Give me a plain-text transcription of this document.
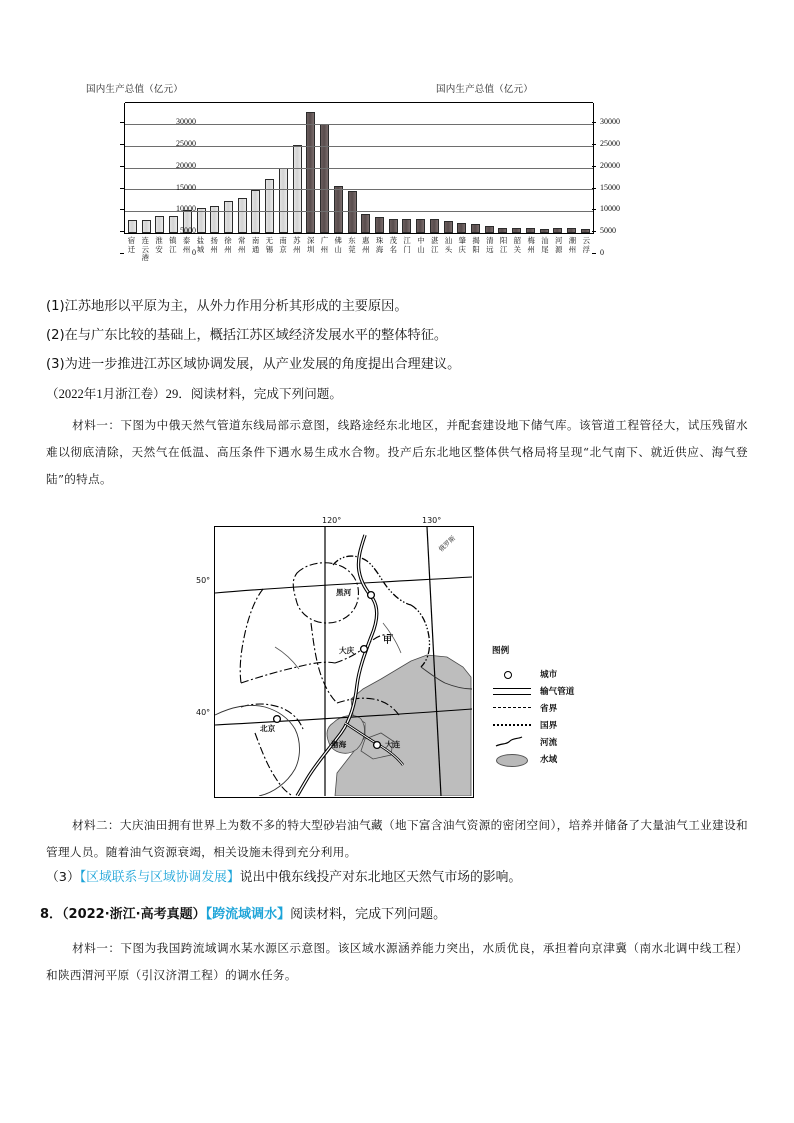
国内生产总值（亿元）	国内生产总值（亿元）
0
5000
10000
15000
20000
25000
30000
0
5000
10000
15000
20000
25000
30000
宿迁
连云港
淮安
镇江
泰州
盐城
扬州
徐州
常州
南通
无锡
南京
苏州
深圳
广州
佛山
东莞
惠州
珠海
茂名
江门
中山
湛江
汕头
肇庆
揭阳
清远
阳江
韶关
梅州
汕尾
河源
潮州
云浮
(1)江苏地形以平原为主，从外力作用分析其形成的主要原因。
(2)在与广东比较的基础上，概括江苏区域经济发展水平的整体特征。
(3)为进一步推进江苏区域协调发展，从产业发展的角度提出合理建议。
（2022年1月浙江卷）29．阅读材料，完成下列问题。
材料一：下图为中俄天然气管道东线局部示意图，线路途经东北地区，并配套建设地下储气库。该管道工程管径大，试压残留水难以彻底清除，天然气在低温、高压条件下遇水易生成水合物。投产后东北地区整体供气格局将呈现“北气南下、就近供应、海气登陆”的特点。
120°	130°
50°
40°
黑河
甲
大庆
北京
渤海	大连
俄罗斯
图例
城市
输气管道
省界
国界
河流
水域
材料二：大庆油田拥有世界上为数不多的特大型砂岩油气藏（地下富含油气资源的密闭空间），培养并储备了大量油气工业建设和管理人员。随着油气资源衰竭，相关设施未得到充分利用。
（3）【区域联系与区域协调发展】说出中俄东线投产对东北地区天然气市场的影响。
8．（2022·浙江·高考真题）【跨流域调水】阅读材料，完成下列问题。
材料一：下图为我国跨流域调水某水源区示意图。该区域水源涵养能力突出，水质优良，承担着向京津冀（南水北调中线工程）和陕西渭河平原（引汉济渭工程）的调水任务。
